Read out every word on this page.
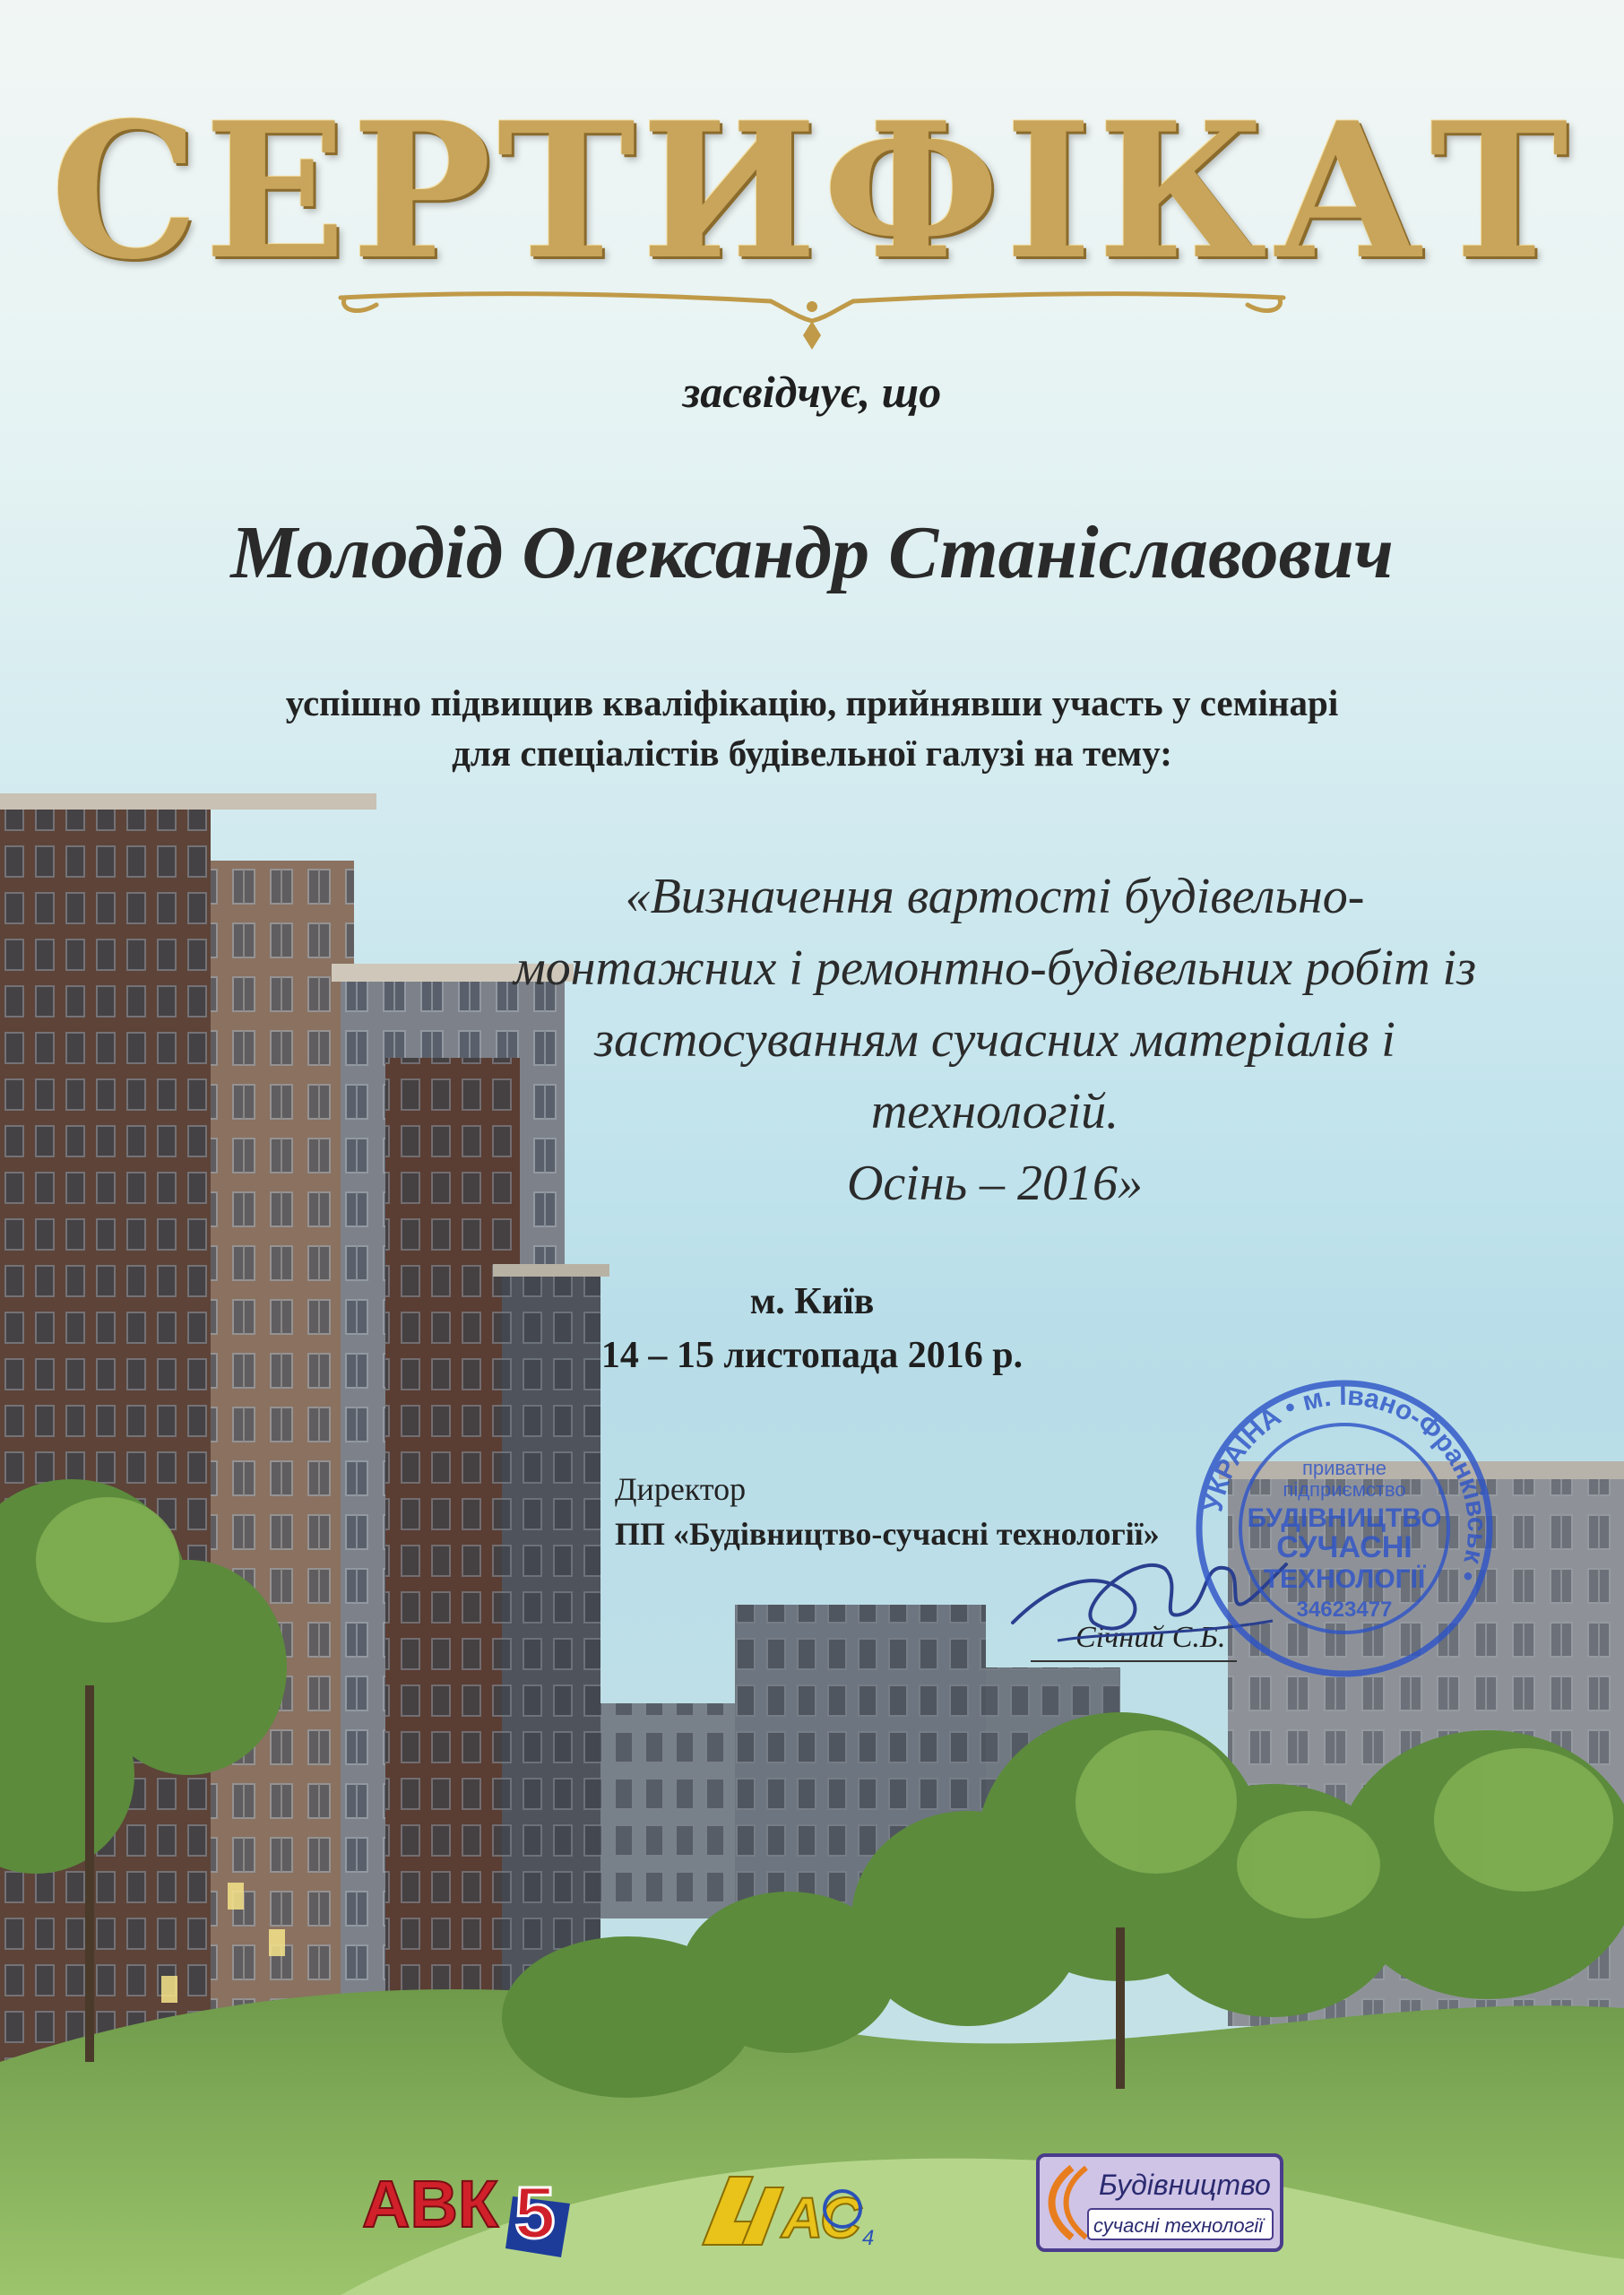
СЕРТИФІКАТ
засвідчує, що
Молодід Олександр Станіславович
успішно підвищив кваліфікацію, прийнявши участь у семінарі
для спеціалістів будівельної галузі на тему:
«Визначення вартості будівельно-
монтажних і ремонтно-будівельних робіт із
застосуванням сучасних матеріалів і
технологій.
Осінь – 2016»
м. Київ
14 – 15 листопада 2016 р.
Директор
ПП «Будівництво-сучасні технології»
Січний С.Б.
УКРАЇНА • м. Івано-Франківськ •
приватне
підприємство
БУДІВНИЦТВО
СУЧАСНІ
ТЕХНОЛОГІЇ
34623477
АВК 5	АС 4
Будівництво
сучасні технології
